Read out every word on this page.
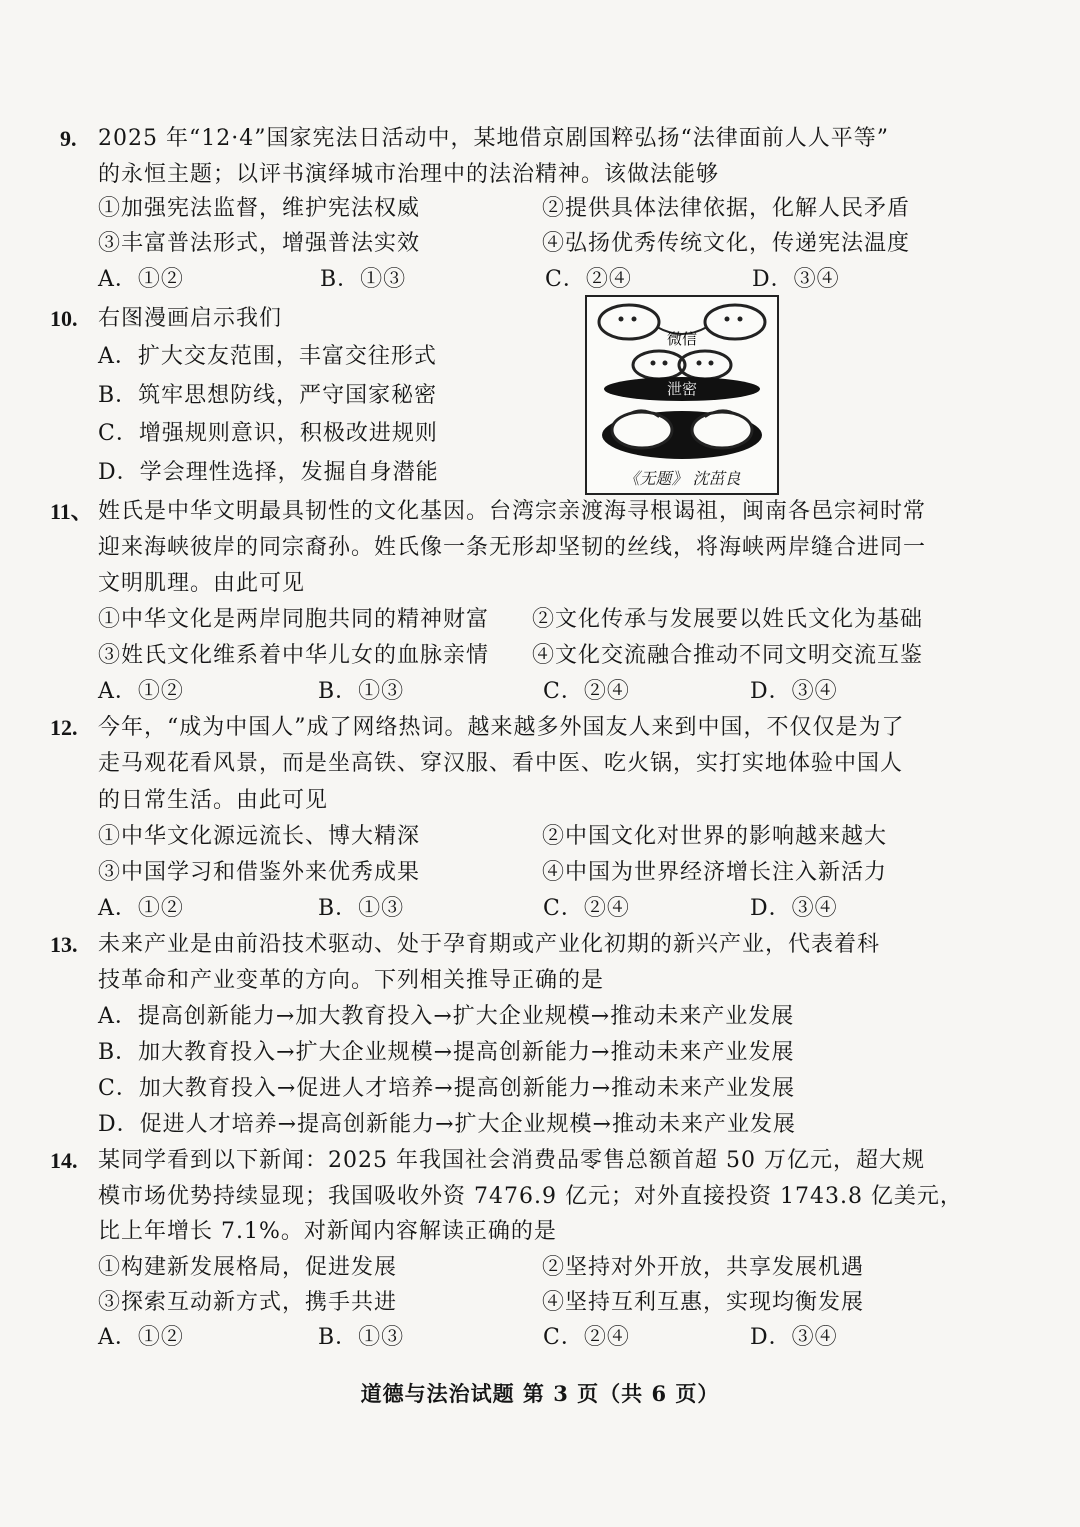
9. 2025 年“12·4”国家宪法日活动中，某地借京剧国粹弘扬“法律面前人人平等”
的永恒主题；以评书演绎城市治理中的法治精神。该做法能够
①加强宪法监督，维护宪法权威	②提供具体法律依据，化解人民矛盾
③丰富普法形式，增强普法实效	④弘扬优秀传统文化，传递宪法温度
A．①②	B．①③	C．②④	D．③④
10. 右图漫画启示我们
A．扩大交友范围，丰富交往形式
B．筑牢思想防线，严守国家秘密
C．增强规则意识，积极改进规则
D．学会理性选择，发掘自身潜能
微信
泄密
《无题》 沈茁良
11、 姓氏是中华文明最具韧性的文化基因。台湾宗亲渡海寻根谒祖，闽南各邑宗祠时常
迎来海峡彼岸的同宗裔孙。姓氏像一条无形却坚韧的丝线，将海峡两岸缝合进同一
文明肌理。由此可见
①中华文化是两岸同胞共同的精神财富 ②文化传承与发展要以姓氏文化为基础
③姓氏文化维系着中华儿女的血脉亲情 ④文化交流融合推动不同文明交流互鉴
A．①②	B．①③	C．②④	D．③④
12. 今年，“成为中国人”成了网络热词。越来越多外国友人来到中国，不仅仅是为了
走马观花看风景，而是坐高铁、穿汉服、看中医、吃火锅，实打实地体验中国人
的日常生活。由此可见
①中华文化源远流长、博大精深	②中国文化对世界的影响越来越大
③中国学习和借鉴外来优秀成果	④中国为世界经济增长注入新活力
A．①②	B．①③	C．②④	D．③④
13. 未来产业是由前沿技术驱动、处于孕育期或产业化初期的新兴产业，代表着科
技革命和产业变革的方向。下列相关推导正确的是
A．提高创新能力→加大教育投入→扩大企业规模→推动未来产业发展
B．加大教育投入→扩大企业规模→提高创新能力→推动未来产业发展
C．加大教育投入→促进人才培养→提高创新能力→推动未来产业发展
D．促进人才培养→提高创新能力→扩大企业规模→推动未来产业发展
14. 某同学看到以下新闻：2025 年我国社会消费品零售总额首超 50 万亿元，超大规
模市场优势持续显现；我国吸收外资 7476.9 亿元；对外直接投资 1743.8 亿美元，
比上年增长 7.1%。对新闻内容解读正确的是
①构建新发展格局，促进发展	②坚持对外开放，共享发展机遇
③探索互动新方式，携手共进	④坚持互利互惠，实现均衡发展
A．①②	B．①③	C．②④	D．③④
道德与法治试题 第 3 页（共 6 页）
